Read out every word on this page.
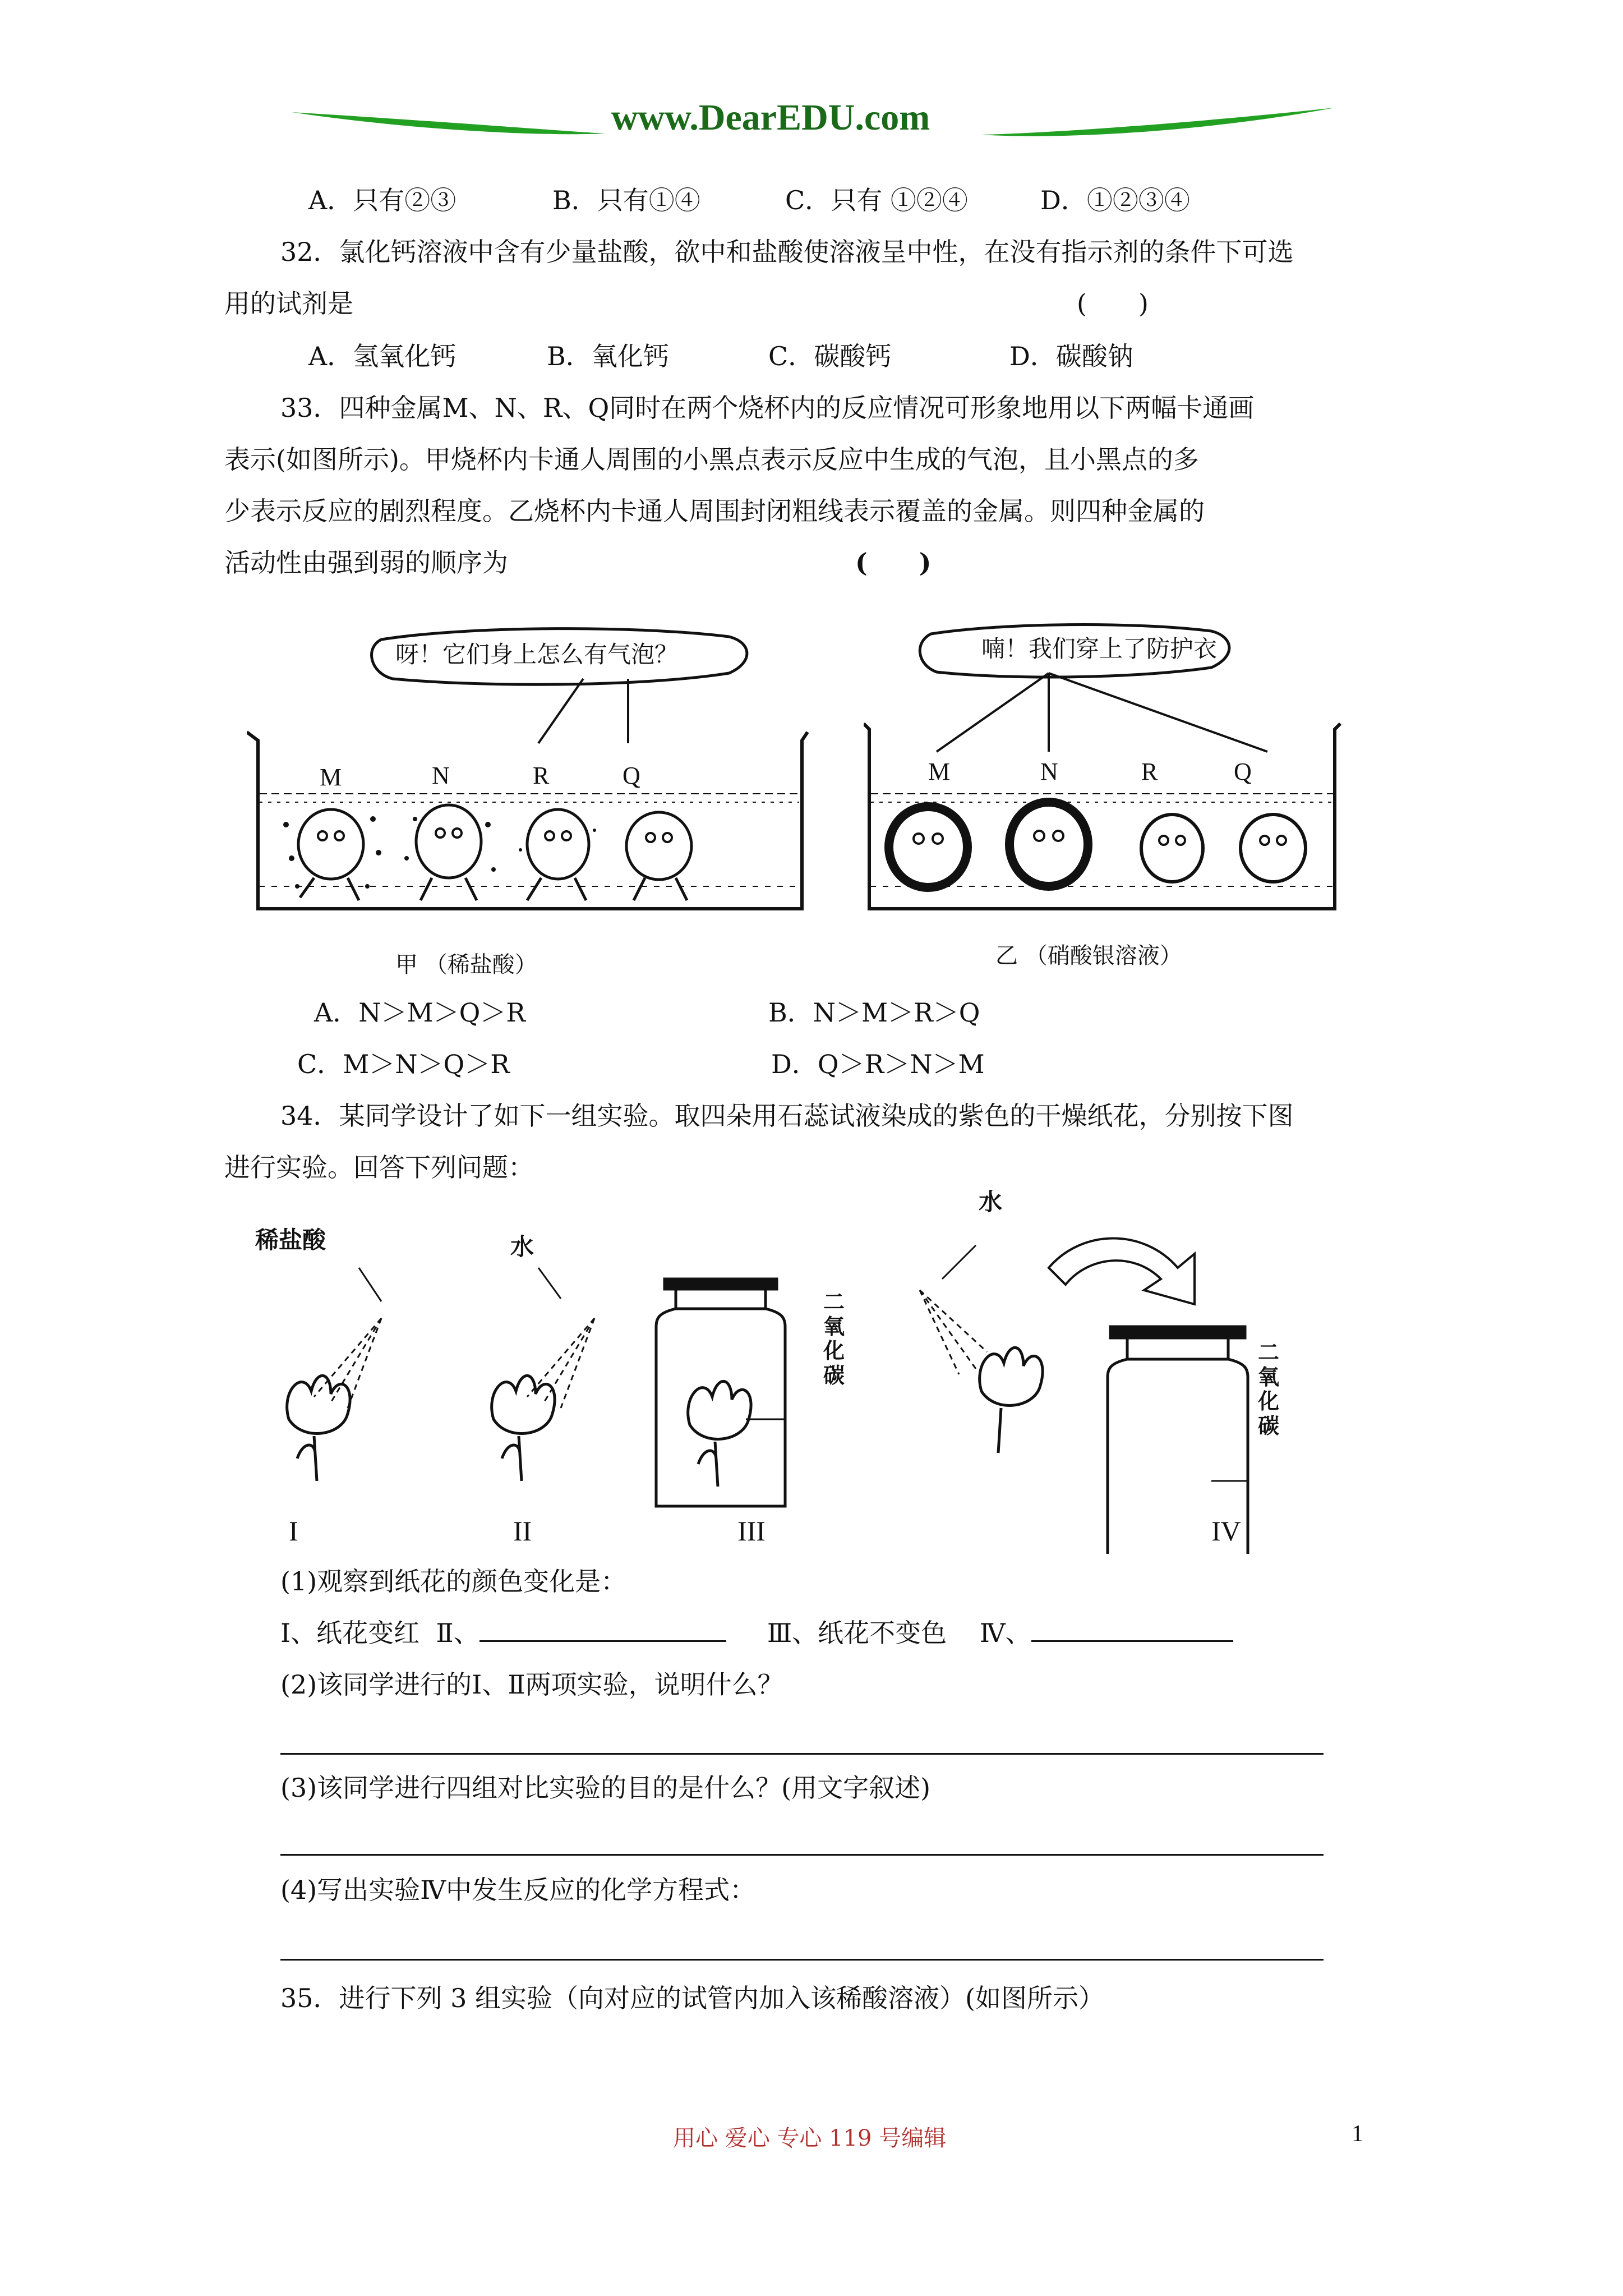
www.DearEDU.com
A．只有②③	B．只有①④	C．只有 ①②④	D．①②③④
32．氯化钙溶液中含有少量盐酸，欲中和盐酸使溶液呈中性，在没有指示剂的条件下可选
用的试剂是	(　　)
A．氢氧化钙	B．氧化钙	C．碳酸钙	D．碳酸钠
33．四种金属M、N、R、Q同时在两个烧杯内的反应情况可形象地用以下两幅卡通画
表示(如图所示)。甲烧杯内卡通人周围的小黑点表示反应中生成的气泡，且小黑点的多
少表示反应的剧烈程度。乙烧杯内卡通人周围封闭粗线表示覆盖的金属。则四种金属的
活动性由强到弱的顺序为	(　　)
呀！它们身上怎么有气泡？
M	N	R	Q
甲 （稀盐酸）
喃！我们穿上了防护衣
M	N	R	Q
乙 （硝酸银溶液）
A．N＞M＞Q＞R	B．N＞M＞R＞Q
C．M＞N＞Q＞R	D．Q＞R＞N＞M
34．某同学设计了如下一组实验。取四朵用石蕊试液染成的紫色的干燥纸花，分别按下图
进行实验。回答下列问题：
稀盐酸	水
水
二氧化碳
二氧化碳
I	II	III	IV
(1)观察到纸花的颜色变化是：
Ⅰ、纸花变红 Ⅱ、	Ⅲ、纸花不变色 Ⅳ、
(2)该同学进行的Ⅰ、Ⅱ两项实验，说明什么？
(3)该同学进行四组对比实验的目的是什么？(用文字叙述)
(4)写出实验Ⅳ中发生反应的化学方程式：
35．进行下列 3 组实验（向对应的试管内加入该稀酸溶液）(如图所示）
用心 爱心 专心 119 号编辑	1
